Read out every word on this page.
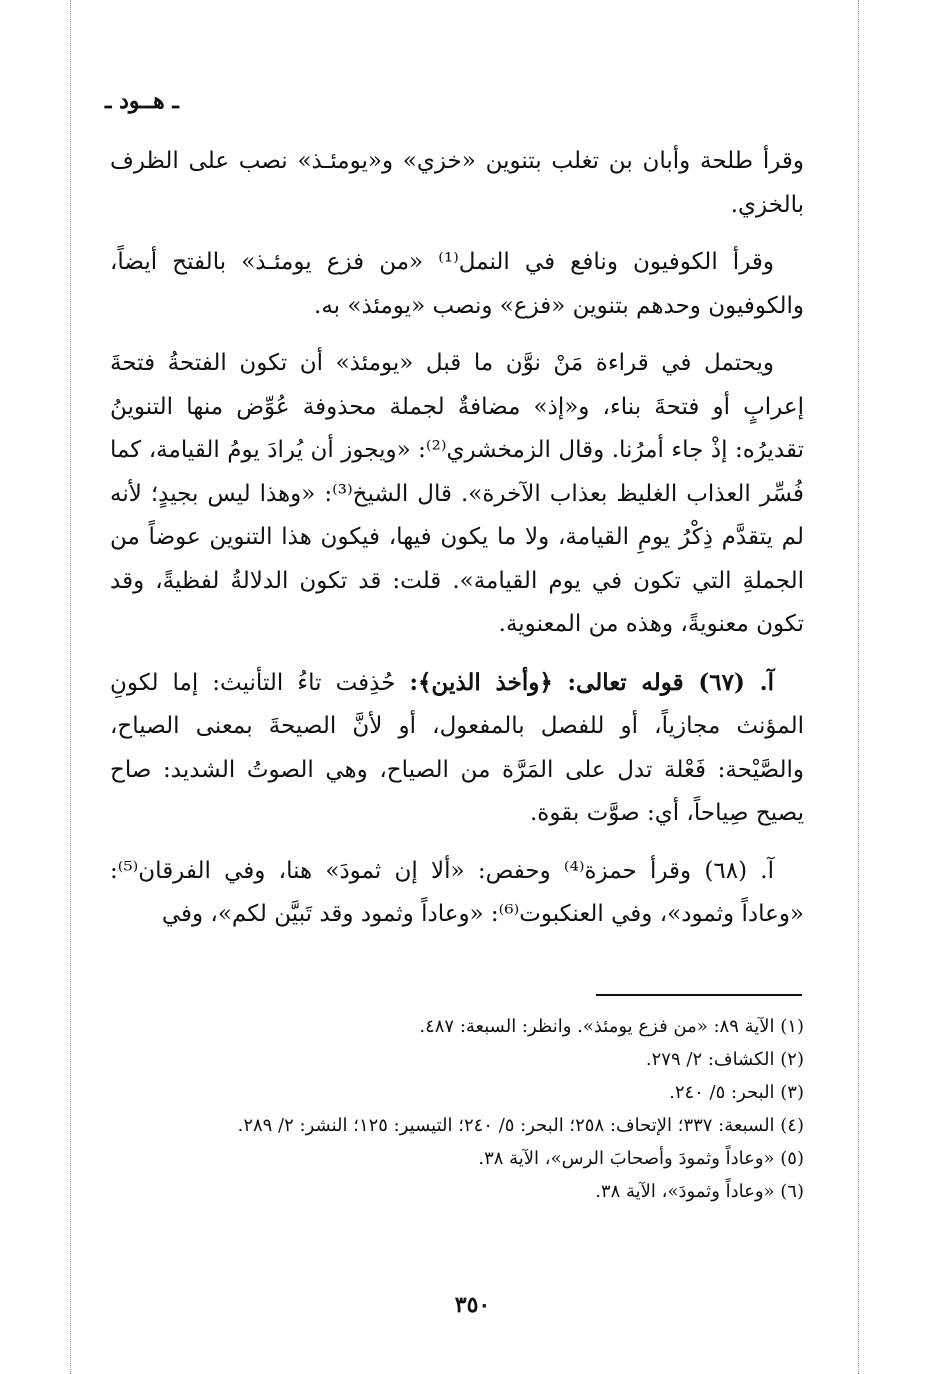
ـ هــود ـ

وقرأ طلحة وأبان بن تغلب بتنوين «خزي» و«يومئـذ» نصب على الظرف بالخزي.

وقرأ الكوفيون ونافع في النمل⁽¹⁾ «من فزع يومئـذ» بالفتح أيضاً، والكوفيون وحدهم بتنوين «فزع» ونصب «يومئذ» به.

ويحتمل في قراءة مَنْ نوَّن ما قبل «يومئذ» أن تكون الفتحةُ فتحةَ إعرابٍ أو فتحةَ بناء، و«إذ» مضافةٌ لجملة محذوفة عُوِّض منها التنوينُ تقديرُه: إذْ جاء أمرُنا. وقال الزمخشري⁽²⁾: «ويجوز أن يُرادَ يومُ القيامة، كما فُسِّر العذاب الغليظ بعذاب الآخرة». قال الشيخ⁽³⁾: «وهذا ليس بجيدٍ؛ لأنه لم يتقدَّم ذِكْرُ يومِ القيامة، ولا ما يكون فيها، فيكون هذا التنوين عوضاً من الجملةِ التي تكون في يوم القيامة». قلت: قد تكون الدلالةُ لفظيةً، وقد تكون معنويةً، وهذه من المعنوية.

آ. (٦٧) قوله تعالى: ﴿وأخذ الذين﴾: حُذِفت تاءُ التأنيث: إما لكونِ المؤنث مجازياً، أو للفصل بالمفعول، أو لأنَّ الصيحةَ بمعنى الصياح، والصَّيْحة: فَعْلة تدل على المَرَّة من الصياح، وهي الصوتُ الشديد: صاح يصيح صِياحاً، أي: صوَّت بقوة.

آ. (٦٨) وقرأ حمزة⁽⁴⁾ وحفص: «ألا إن ثمودَ» هنا، وفي الفرقان⁽⁵⁾: «وعاداً وثمود»، وفي العنكبوت⁽⁶⁾: «وعاداً وثمود وقد تَبيَّن لكم»، وفي

(١) الآية ٨٩: «من فزع يومئذ». وانظر: السبعة: ٤٨٧.

(٢) الكشاف: ٢/ ٢٧٩.

(٣) البحر: ٥/ ٢٤٠.

(٤) السبعة: ٣٣٧؛ الإتحاف: ٢٥٨؛ البحر: ٥/ ٢٤٠؛ التيسير: ١٢٥؛ النشر: ٢/ ٢٨٩.

(٥) «وعاداً وثمودَ وأصحابَ الرس»، الآية ٣٨.

(٦) «وعاداً وثمودَ»، الآية ٣٨.

٣٥٠
